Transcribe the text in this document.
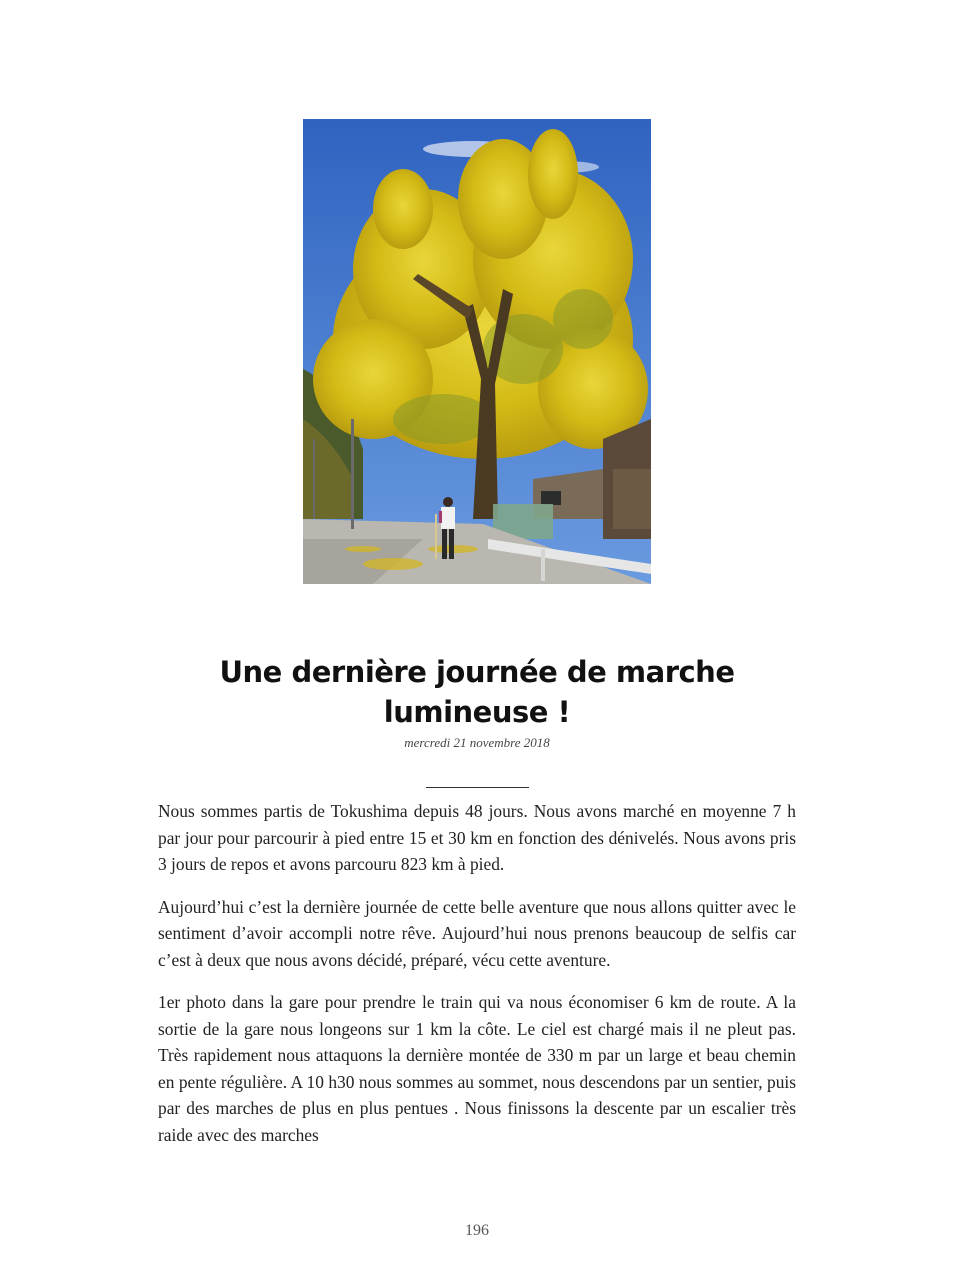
Une dernière journée de marche
lumineuse !
mercredi 21 novembre 2018

Nous sommes partis de Tokushima depuis 48 jours. Nous avons marché en moyenne 7 h par jour pour parcourir à pied entre 15 et 30 km en fonction des dénivelés. Nous avons pris 3 jours de repos et avons parcouru 823 km à pied.

Aujourd’hui c’est la dernière journée de cette belle aventure que nous allons quitter avec le sentiment d’avoir accompli notre rêve. Aujourd’hui nous prenons beaucoup de selfis car c’est à deux que nous avons décidé, préparé, vécu cette aventure.

1er photo dans la gare pour prendre le train qui va nous économiser 6 km de route. A la sortie de la gare nous longeons sur 1 km la côte. Le ciel est chargé mais il ne pleut pas. Très rapidement nous attaquons la dernière montée de 330 m par un large et beau chemin en pente régulière. A 10 h30 nous sommes au sommet, nous descendons par un sentier, puis par des marches de plus en plus pentues . Nous finissons la descente par un escalier très raide avec des marches

196
